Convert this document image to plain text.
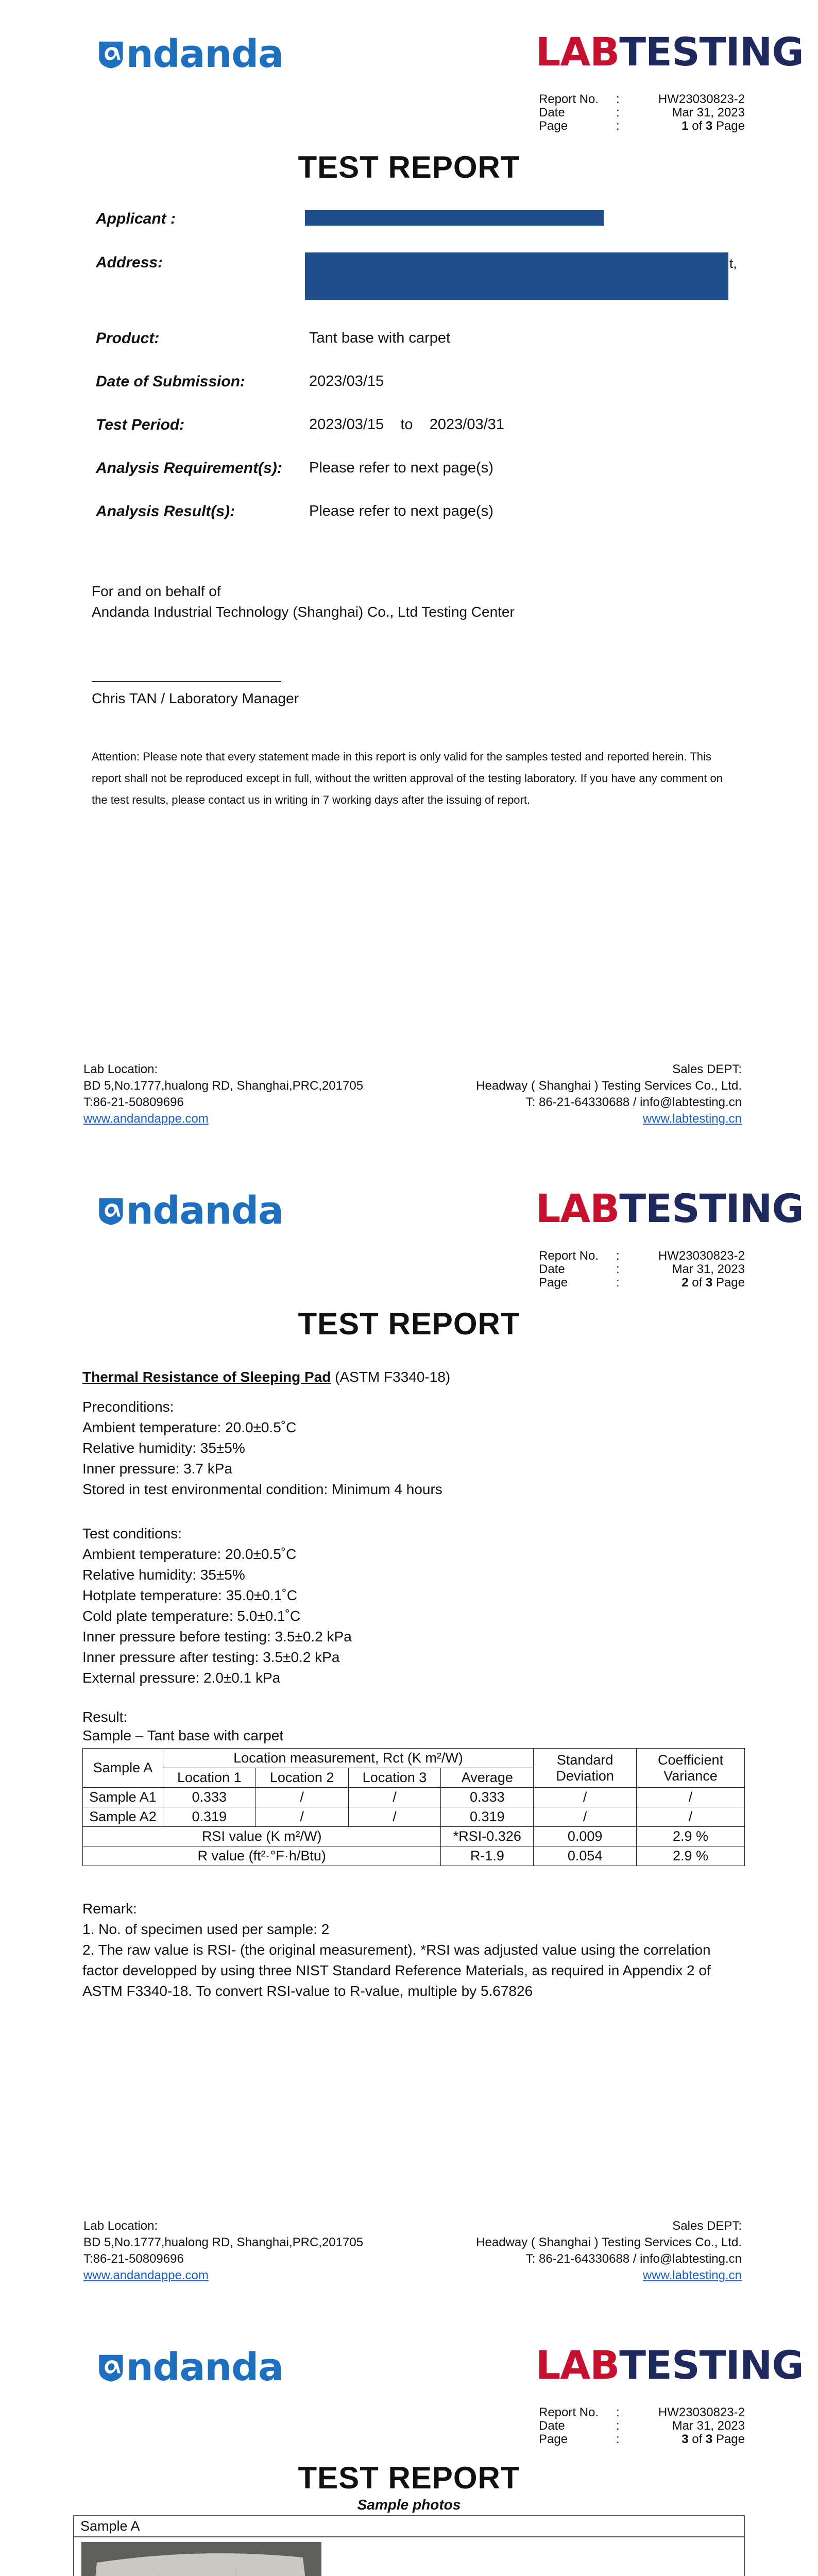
ndanda	LAB TESTING
Report No.	:	HW23030823-2
Date	:	Mar 31, 2023
Page	:	1 of 3 Page
TEST REPORT
Applicant :
Address:	t,
Product:	Tant base with carpet
Date of Submission:	2023/03/15
Test Period:	2023/03/15    to    2023/03/31
Analysis Requirement(s): Please refer to next page(s)
Analysis Result(s):	Please refer to next page(s)
For and on behalf of
Andanda Industrial Technology (Shanghai) Co., Ltd Testing Center
Chris TAN / Laboratory Manager
Attention: Please note that every statement made in this report is only valid for the samples tested and reported herein. This report shall not be reproduced except in full, without the written approval of the testing laboratory. If you have any comment on the test results, please contact us in writing in 7 working days after the issuing of report.
Lab Location:
BD 5,No.1777,hualong RD, Shanghai,PRC,201705
T:86-21-50809696
www.andandappe.com
Sales DEPT:
Headway ( Shanghai ) Testing Services Co., Ltd.
T: 86-21-64330688 / info@labtesting.cn
www.labtesting.cn
ndanda	LAB TESTING
Report No.	:	HW23030823-2
Date	:	Mar 31, 2023
Page	:	2 of 3 Page
TEST REPORT
Thermal Resistance of Sleeping Pad (ASTM F3340-18)
Preconditions:
Ambient temperature: 20.0±0.5˚C
Relative humidity: 35±5%
Inner pressure: 3.7 kPa
Stored in test environmental condition: Minimum 4 hours
Test conditions:
Ambient temperature: 20.0±0.5˚C
Relative humidity: 35±5%
Hotplate temperature: 35.0±0.1˚C
Cold plate temperature: 5.0±0.1˚C
Inner pressure before testing: 3.5±0.2 kPa
Inner pressure after testing: 3.5±0.2 kPa
External pressure: 2.0±0.1 kPa
Result:
Sample – Tant base with carpet
Sample A	Location measurement, Rct (K m²/W)				Standard Deviation	Coefficient Variance
	Location 1	Location 2	Location 3	Average		
Sample A1	0.333	/	/	0.333	/	/
Sample A2	0.319	/	/	0.319	/	/
RSI value (K m²/W)				*RSI-0.326	0.009	2.9 %
R value (ft²·°F·h/Btu)				R-1.9	0.054	2.9 %
Remark:
1. No. of specimen used per sample: 2
2. The raw value is RSI- (the original measurement). *RSI was adjusted value using the correlation factor developped by using three NIST Standard Reference Materials, as required in Appendix 2 of ASTM F3340-18. To convert RSI-value to R-value, multiple by 5.67826
Lab Location:
BD 5,No.1777,hualong RD, Shanghai,PRC,201705
T:86-21-50809696
www.andandappe.com
Sales DEPT:
Headway ( Shanghai ) Testing Services Co., Ltd.
T: 86-21-64330688 / info@labtesting.cn
www.labtesting.cn
ndanda	LAB TESTING
Report No.	:	HW23030823-2
Date	:	Mar 31, 2023
Page	:	3 of 3 Page
TEST REPORT
Sample photos
Sample A
